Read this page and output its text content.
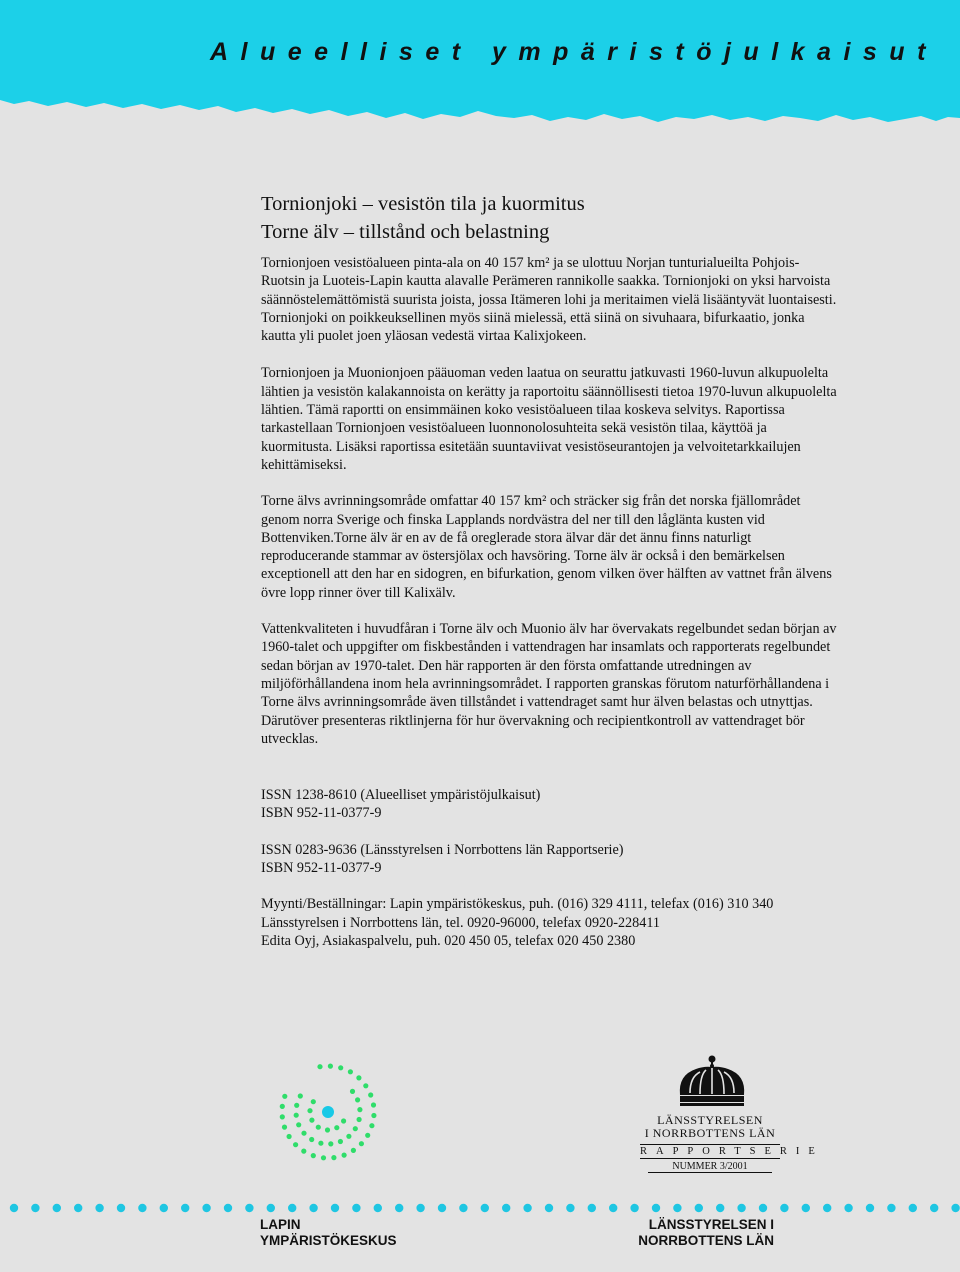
Alueelliset ympäristöjulkaisut
Tornionjoki – vesistön tila ja kuormitus
Torne älv – tillstånd och belastning

Tornionjoen vesistöalueen pinta-ala on 40 157 km² ja se ulottuu Norjan tunturialueilta Pohjois-Ruotsin ja Luoteis-Lapin kautta alavalle Perämeren rannikolle saakka. Tornionjoki on yksi harvoista säännöstelemättömistä suurista joista, jossa Itämeren lohi ja meritaimen vielä lisääntyvät luontaisesti. Tornionjoki on poikkeuksellinen myös siinä mielessä, että siinä on sivuhaara, bifurkaatio, jonka kautta yli puolet joen yläosan vedestä virtaa Kalixjokeen.

Tornionjoen ja Muonionjoen pääuoman veden laatua on seurattu jatkuvasti 1960-luvun alkupuolelta lähtien ja vesistön kalakannoista on kerätty ja raportoitu säännöllisesti tietoa 1970-luvun alkupuolelta lähtien. Tämä raportti on ensimmäinen koko vesistöalueen tilaa koskeva selvitys. Raportissa tarkastellaan Tornionjoen vesistöalueen luonnonolosuhteita sekä vesistön tilaa, käyttöä ja kuormitusta. Lisäksi raportissa esitetään suuntaviivat vesistöseurantojen ja velvoitetarkkailujen kehittämiseksi.

Torne älvs avrinningsområde omfattar 40 157 km² och sträcker sig från det norska fjällområdet genom norra Sverige och finska Lapplands nordvästra del ner till den låglänta kusten vid Bottenviken.Torne älv är en av de få oreglerade stora älvar där det ännu finns naturligt reproducerande stammar av östersjölax och havsöring. Torne älv är också i den bemärkelsen exceptionell att den har en sidogren, en bifurkation, genom vilken över hälften av vattnet från älvens övre lopp rinner över till Kalixälv.

Vattenkvaliteten i huvudfåran i Torne älv och Muonio älv har övervakats regelbundet sedan början av 1960-talet och uppgifter om fiskbestånden i vattendragen har insamlats och rapporterats regelbundet sedan början av 1970-talet. Den här rapporten är den första omfattande utredningen av miljöförhållandena inom hela avrinningsområdet. I rapporten granskas förutom naturförhållandena i Torne älvs avrinningsområde även tillståndet i vattendraget samt hur älven belastas och utnyttjas. Därutöver presenteras riktlinjerna för hur övervakning och recipientkontroll av vattendraget bör utvecklas.

ISSN 1238-8610 (Alueelliset ympäristöjulkaisut)

ISBN 952-11-0377-9

ISSN 0283-9636 (Länsstyrelsen i Norrbottens län Rapportserie)

ISBN 952-11-0377-9

Myynti/Beställningar: Lapin ympäristökeskus, puh. (016) 329 4111, telefax (016) 310 340

Länsstyrelsen i Norrbottens län, tel. 0920-96000, telefax 0920-228411

Edita Oyj, Asiakaspalvelu, puh. 020 450 05, telefax 020 450 2380

LÄNSSTYRELSEN
I NORRBOTTENS LÄN

RAPPORTSERIE

NUMMER 3/2001

LAPIN
YMPÄRISTÖKESKUS
LÄNSSTYRELSEN I
NORRBOTTENS LÄN
